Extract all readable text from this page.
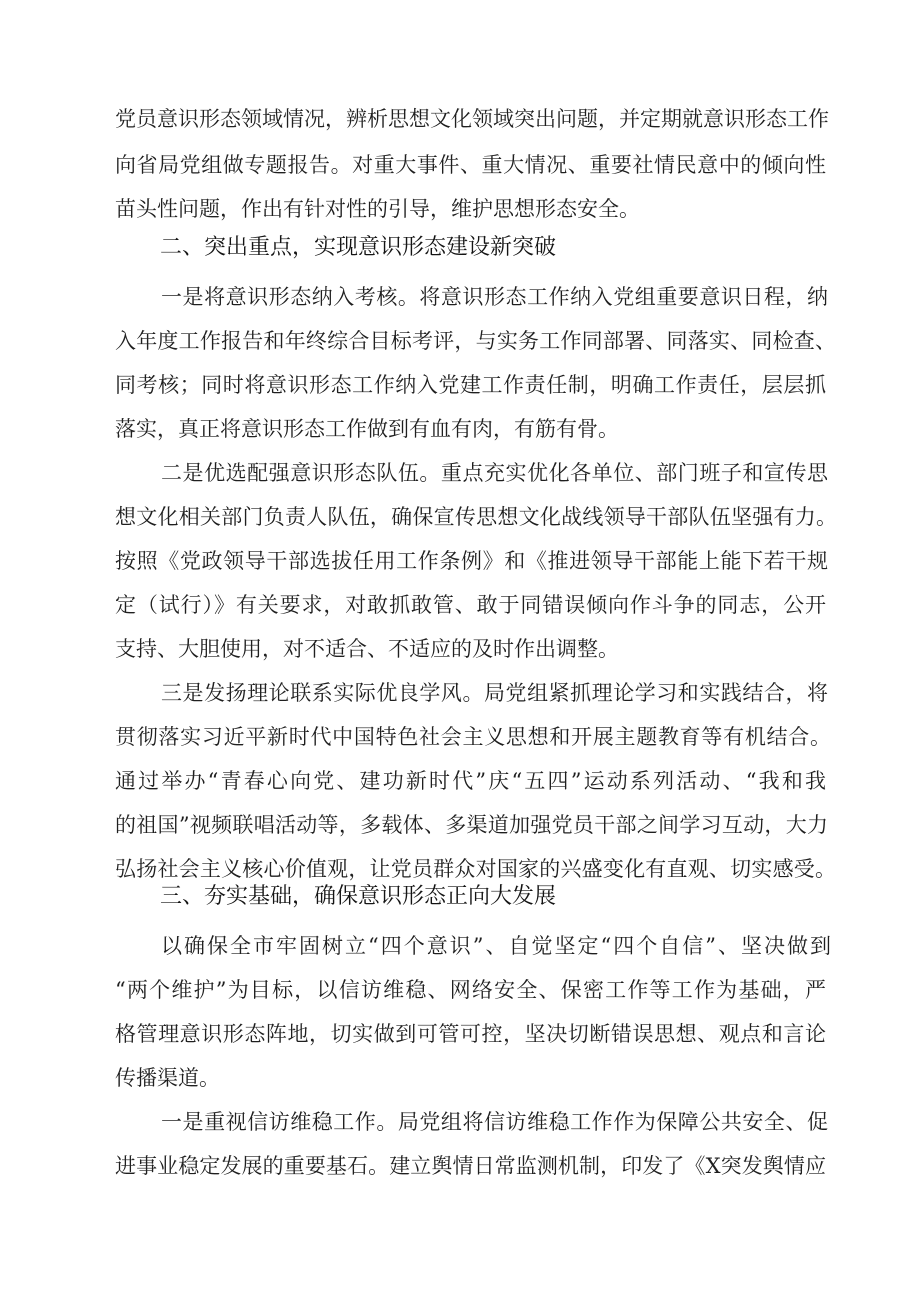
党员意识形态领域情况，辨析思想文化领域突出问题，并定期就意识形态工作
向省局党组做专题报告。对重大事件、重大情况、重要社情民意中的倾向性
苗头性问题，作出有针对性的引导，维护思想形态安全。
二、突出重点，实现意识形态建设新突破
一是将意识形态纳入考核。将意识形态工作纳入党组重要意识日程，纳
入年度工作报告和年终综合目标考评，与实务工作同部署、同落实、同检查、
同考核；同时将意识形态工作纳入党建工作责任制，明确工作责任，层层抓
落实，真正将意识形态工作做到有血有肉，有筋有骨。
二是优选配强意识形态队伍。重点充实优化各单位、部门班子和宣传思
想文化相关部门负责人队伍，确保宣传思想文化战线领导干部队伍坚强有力。
按照《党政领导干部选拔任用工作条例》和《推进领导干部能上能下若干规
定（试行）》有关要求，对敢抓敢管、敢于同错误倾向作斗争的同志，公开
支持、大胆使用，对不适合、不适应的及时作出调整。
三是发扬理论联系实际优良学风。局党组紧抓理论学习和实践结合，将
贯彻落实习近平新时代中国特色社会主义思想和开展主题教育等有机结合。
通过举办“青春心向党、建功新时代”庆“五四”运动系列活动、“我和我
的祖国”视频联唱活动等，多载体、多渠道加强党员干部之间学习互动，大力
弘扬社会主义核心价值观，让党员群众对国家的兴盛变化有直观、切实感受。
三、夯实基础，确保意识形态正向大发展
以确保全市牢固树立“四个意识”、自觉坚定“四个自信”、坚决做到
“两个维护”为目标，以信访维稳、网络安全、保密工作等工作为基础，严
格管理意识形态阵地，切实做到可管可控，坚决切断错误思想、观点和言论
传播渠道。
一是重视信访维稳工作。局党组将信访维稳工作作为保障公共安全、促
进事业稳定发展的重要基石。建立舆情日常监测机制，印发了《X突发舆情应
